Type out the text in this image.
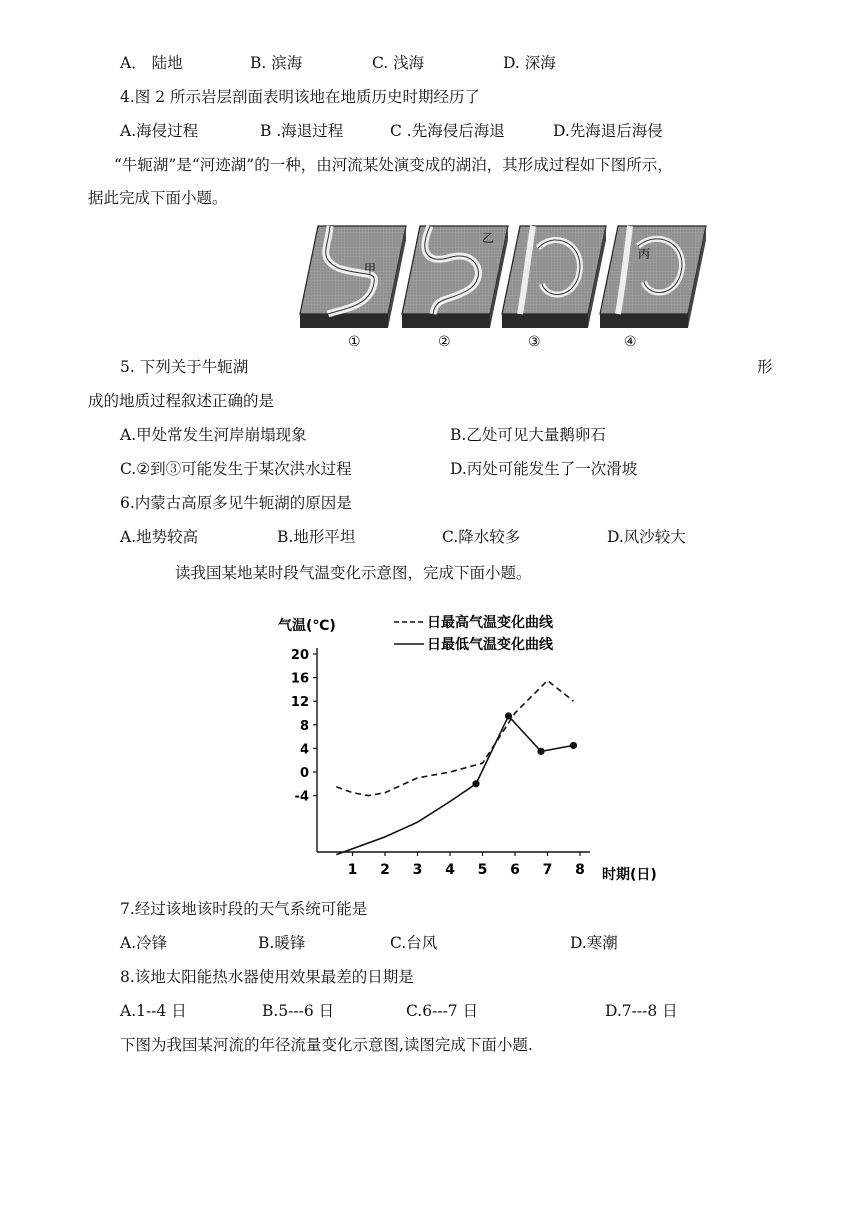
A． 陆地	B. 滨海	C. 浅海	D. 深海
4.图 2 所示岩层剖面表明该地在地质历史时期经历了
A.海侵过程	B .海退过程	C .先海侵后海退	D.先海退后海侵
“牛轭湖”是“河迹湖”的一种，由河流某处演变成的湖泊，其形成过程如下图所示，
据此完成下面小题。
甲
乙
丙
①	②	③	④
5. 下列关于牛轭湖	形
成的地质过程叙述正确的是
A.甲处常发生河岸崩塌现象	B.乙处可见大量鹅卵石
C.②到③可能发生于某次洪水过程	D.丙处可能发生了一次滑坡
6.内蒙古高原多见牛轭湖的原因是
A.地势较高	B.地形平坦	C.降水较多	D.风沙较大
读我国某地某时段气温变化示意图，完成下面小题。
20
16
12
8
4
0
-4
1 2 3 4 5 6 7 8
日最高气温变化曲线
日最低气温变化曲线
气温(℃)
时期(日)
7.经过该地该时段的天气系统可能是
A.冷锋	B.暖锋	C.台风	D.寒潮
8.该地太阳能热水器使用效果最差的日期是
A.1--4 日	B.5---6 日	C.6---7 日	D.7---8 日
下图为我国某河流的年径流量变化示意图,读图完成下面小题.
